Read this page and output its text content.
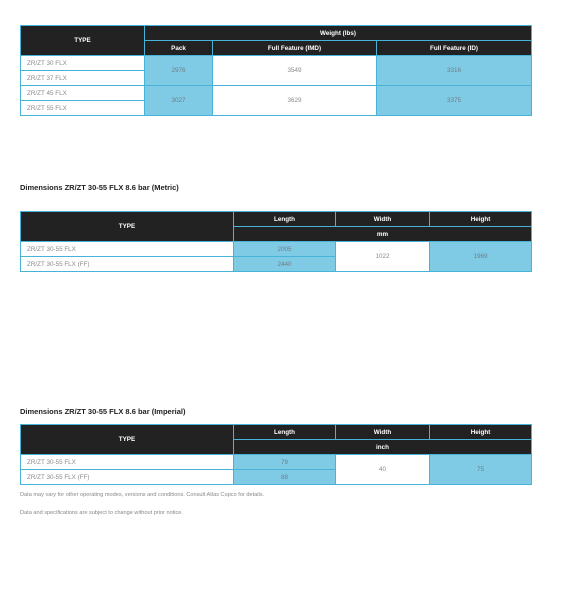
TYPE	Weight (lbs)		
	Pack	Full Feature (IMD)	Full Feature (ID)
ZR/ZT 30 FLX	2976	3549	3316
ZR/ZT 37 FLX			
ZR/ZT 45 FLX	3027	3629	3375
ZR/ZT 55 FLX			

Dimensions ZR/ZT 30-55 FLX 8.6 bar (Metric)

TYPE	Length	Width	Height
	mm		
ZR/ZT 30-55 FLX	2005	1022	1969
ZR/ZT 30-55 FLX (FF)	2440		

Dimensions ZR/ZT 30-55 FLX 8.6 bar (Imperial)

TYPE	Length	Width	Height
	inch		
ZR/ZT 30-55 FLX	79	40	75
ZR/ZT 30-55 FLX (FF)	88		

Data may vary for other operating modes, versions and conditions. Consult Atlas Copco for details.

Data and specifications are subject to change without prior notice.
